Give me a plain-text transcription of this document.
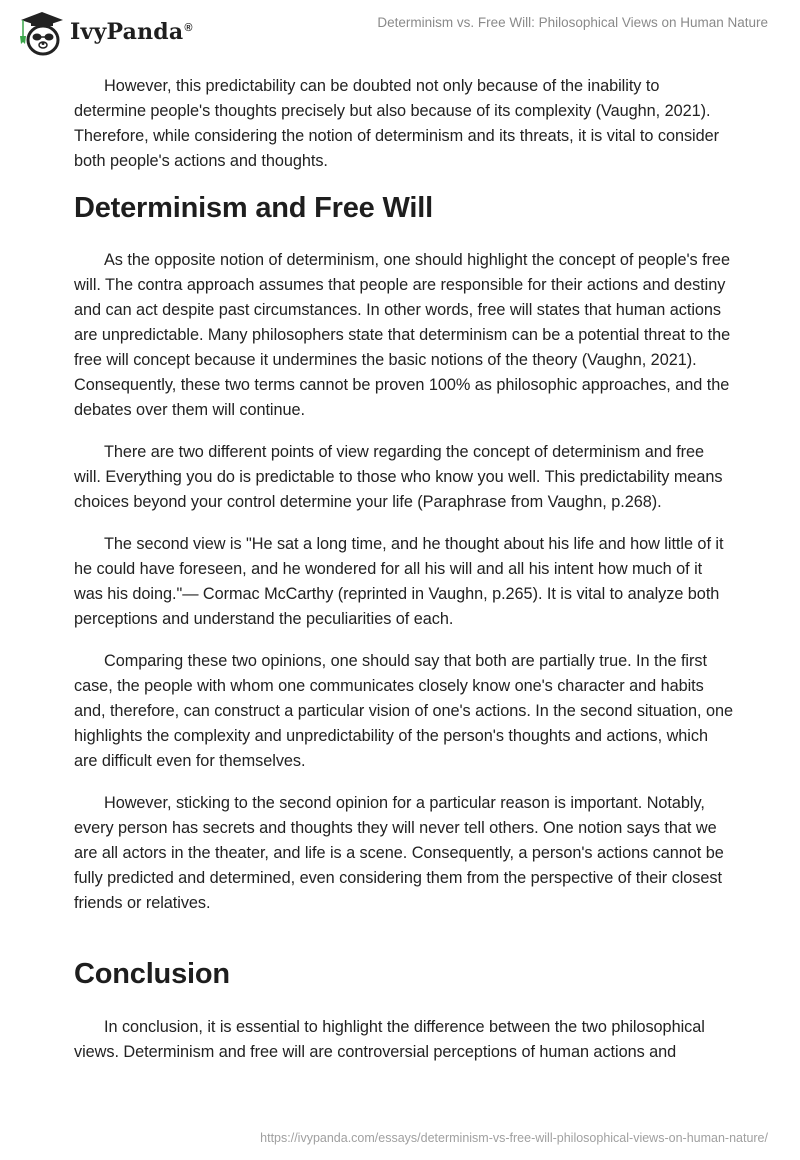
IvyPanda®	Determinism vs. Free Will: Philosophical Views on Human Nature

However, this predictability can be doubted not only because of the inability to determine people's thoughts precisely but also because of its complexity (Vaughn, 2021). Therefore, while considering the notion of determinism and its threats, it is vital to consider both people's actions and thoughts.

Determinism and Free Will

As the opposite notion of determinism, one should highlight the concept of people's free will. The contra approach assumes that people are responsible for their actions and destiny and can act despite past circumstances. In other words, free will states that human actions are unpredictable. Many philosophers state that determinism can be a potential threat to the free will concept because it undermines the basic notions of the theory (Vaughn, 2021). Consequently, these two terms cannot be proven 100% as philosophic approaches, and the debates over them will continue.

There are two different points of view regarding the concept of determinism and free will. Everything you do is predictable to those who know you well. This predictability means choices beyond your control determine your life (Paraphrase from Vaughn, p.268).

The second view is "He sat a long time, and he thought about his life and how little of it he could have foreseen, and he wondered for all his will and all his intent how much of it was his doing."— Cormac McCarthy (reprinted in Vaughn, p.265). It is vital to analyze both perceptions and understand the peculiarities of each.

Comparing these two opinions, one should say that both are partially true. In the first case, the people with whom one communicates closely know one's character and habits and, therefore, can construct a particular vision of one's actions. In the second situation, one highlights the complexity and unpredictability of the person's thoughts and actions, which are difficult even for themselves.

However, sticking to the second opinion for a particular reason is important. Notably, every person has secrets and thoughts they will never tell others. One notion says that we are all actors in the theater, and life is a scene. Consequently, a person's actions cannot be fully predicted and determined, even considering them from the perspective of their closest friends or relatives.

Conclusion

In conclusion, it is essential to highlight the difference between the two philosophical views. Determinism and free will are controversial perceptions of human actions and

https://ivypanda.com/essays/determinism-vs-free-will-philosophical-views-on-human-nature/
